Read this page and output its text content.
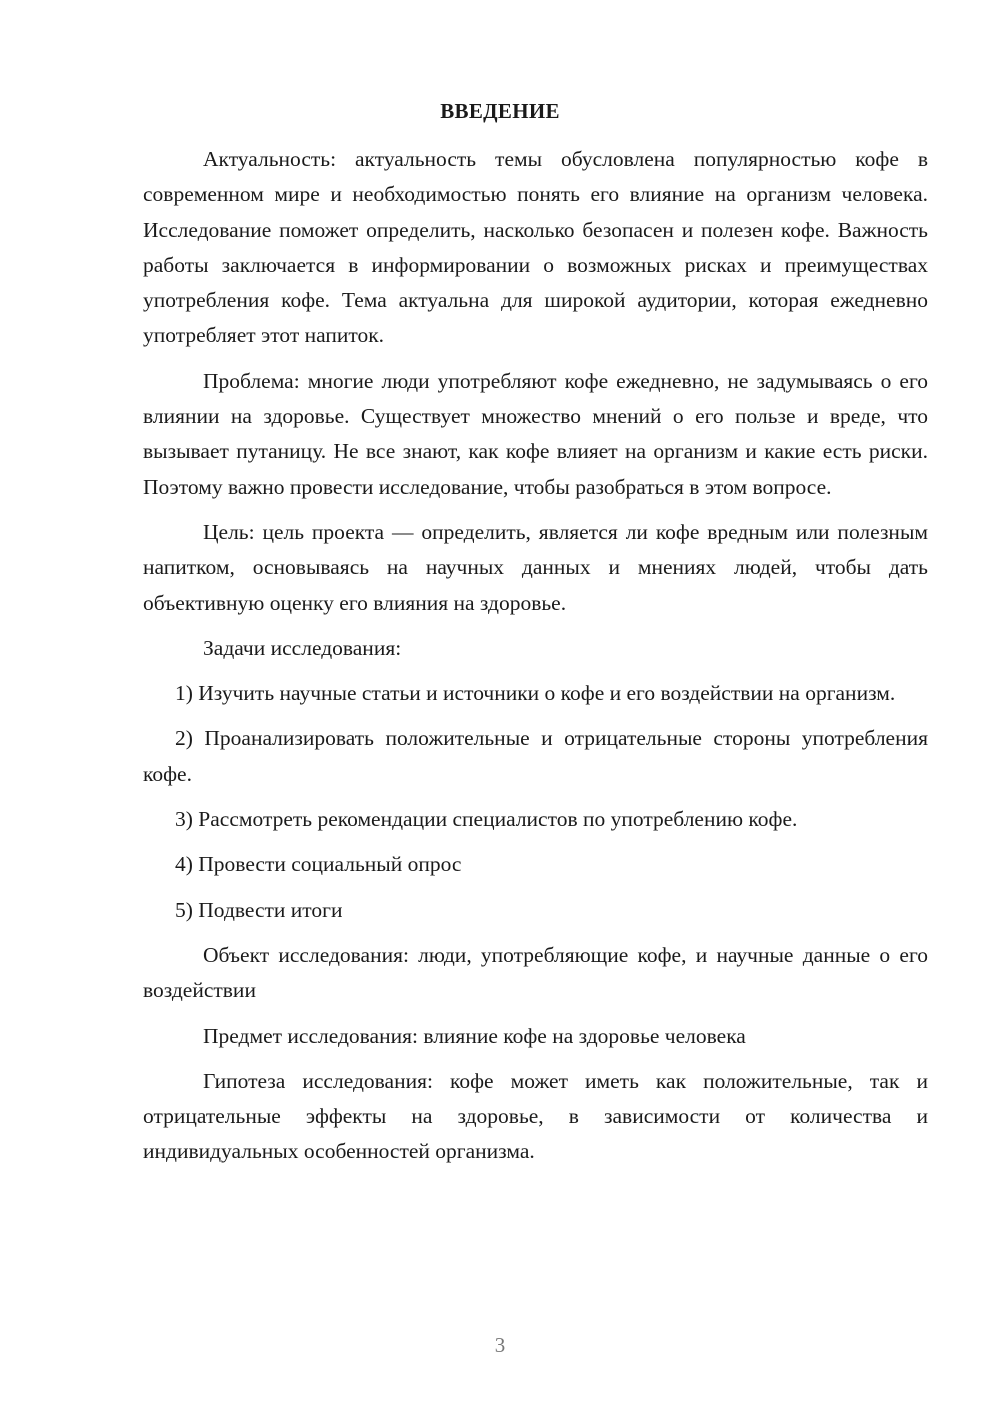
ВВЕДЕНИЕ

Актуальность: актуальность темы обусловлена популярностью кофе в современном мире и необходимостью понять его влияние на организм человека. Исследование поможет определить, насколько безопасен и полезен кофе. Важность работы заключается в информировании о возможных рисках и преимуществах употребления кофе. Тема актуальна для широкой аудитории, которая ежедневно употребляет этот напиток.

Проблема: многие люди употребляют кофе ежедневно, не задумываясь о его влиянии на здоровье. Существует множество мнений о его пользе и вреде, что вызывает путаницу. Не все знают, как кофе влияет на организм и какие есть риски. Поэтому важно провести исследование, чтобы разобраться в этом вопросе.

Цель: цель проекта — определить, является ли кофе вредным или полезным напитком, основываясь на научных данных и мнениях людей, чтобы дать объективную оценку его влияния на здоровье.

Задачи исследования:

1) Изучить научные статьи и источники о кофе и его воздействии на организм.

2) Проанализировать положительные и отрицательные стороны употребления кофе.

3) Рассмотреть рекомендации специалистов по употреблению кофе.

4) Провести социальный опрос

5) Подвести итоги

Объект исследования: люди, употребляющие кофе, и научные данные о его воздействии

Предмет исследования: влияние кофе на здоровье человека

Гипотеза исследования: кофе может иметь как положительные, так и отрицательные эффекты на здоровье, в зависимости от количества и индивидуальных особенностей организма.

3
